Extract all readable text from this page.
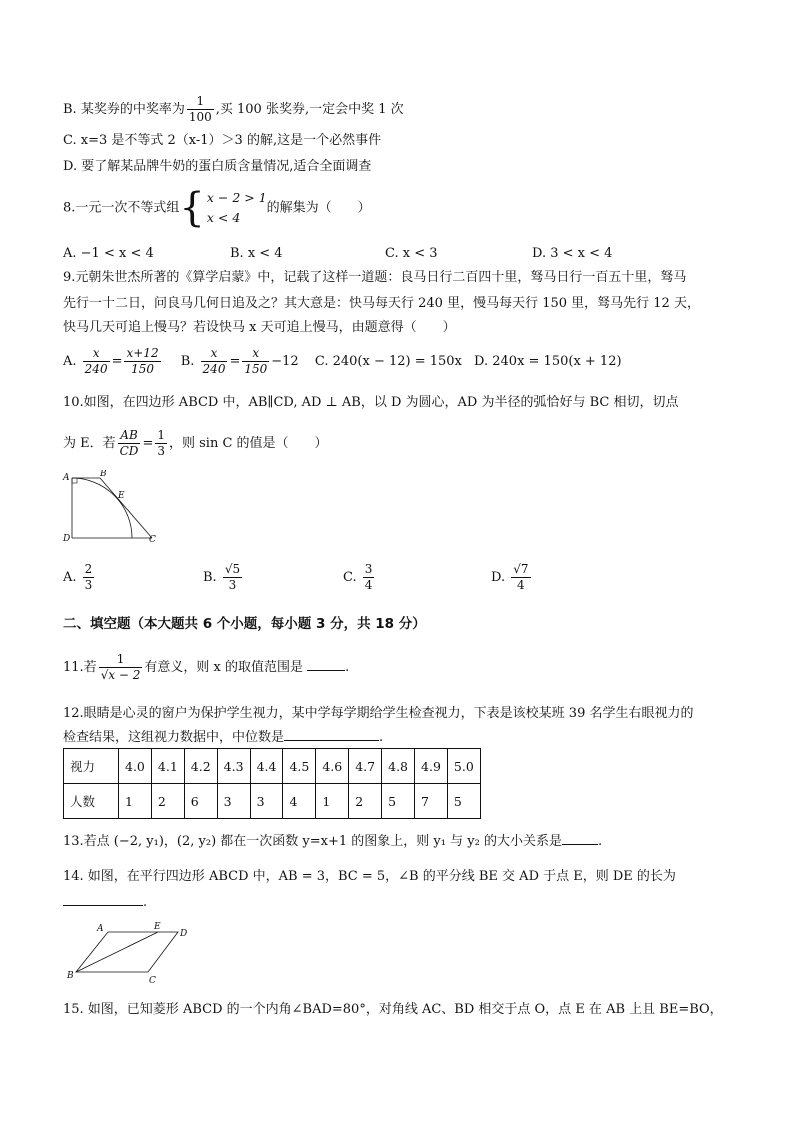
B. 某奖券的中奖率为 $\frac{1}{100}$ ,买 100 张奖券,一定会中奖 1 次
C. x=3 是不等式 2（x-1）＞3 的解,这是一个必然事件
D. 要了解某品牌牛奶的蛋白质含量情况,适合全面调查
8.一元一次不等式组{ x − 2 > 1
x < 4
的解集为（　　）
A. −1 < x < 4	B. x < 4	C. x < 3	D. 3 < x < 4
9.元朝朱世杰所著的《算学启蒙》中，记载了这样一道题：良马日行二百四十里，驽马日行一百五十里，驽马
先行一十二日，问良马几何日追及之？其大意是：快马每天行 240 里，慢马每天行 150 里，驽马先行 12 天，
快马几天可追上慢马？若设快马 x 天可追上慢马，由题意得（　　）
A. $\frac{x}{240} = \frac{x+12}{150} B$. $\frac{x}{240} = \frac{x}{150} -12$ C. 240(x − 12) = 150x D. 240x = 150(x + 12)
10.如图，在四边形 ABCD 中，AB∥CD, AD ⊥ AB，以 D 为圆心，AD 为半径的弧恰好与 BC 相切，切点
为 E．若 $\frac{AB}{CD} = \frac{1}{3}$ ，则 sin C 的值是（　　）
A	B
E
D	C
A. $\frac{2}{3}$	B. $\frac{√5}{3}$	C. $\frac{3}{4}$	D. $\frac{√7}{4}$
二、填空题（本大题共 6 个小题，每小题 3 分，共 18 分）
11.若 $\frac{1}{√x - 2}$ 有意义，则 x 的取值范围是	.
12.眼睛是心灵的窗户为保护学生视力，某中学每学期给学生检查视力，下表是该校某班 39 名学生右眼视力的
检查结果，这组视力数据中，中位数是	.
视力	4.0	4.1	4.2	4.3	4.4	4.5	4.6	4.7	4.8	4.9	5.0
人数	1	2	6	3	3	4	1	2	5	7	5
13.若点 (−2, y₁)，(2, y₂) 都在一次函数 y=x+1 的图象上，则 y₁ 与 y₂ 的大小关系是	.
14. 如图，在平行四边形 ABCD 中，AB = 3，BC = 5，∠B 的平分线 BE 交 AD 于点 E，则 DE 的长为
.
A	E
D
B	C
15. 如图，已知菱形 ABCD 的一个内角∠BAD=80°，对角线 AC、BD 相交于点 O，点 E 在 AB 上且 BE=BO，
